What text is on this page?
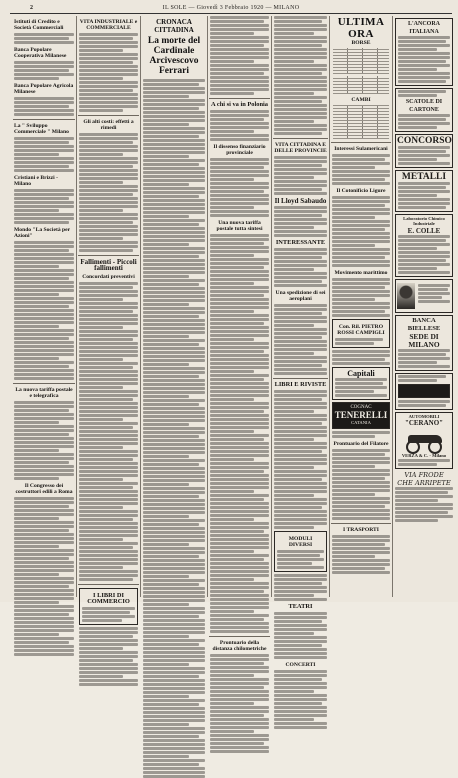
2	IL SOLE — Giovedì 3 Febbraio 1920 — MILANO
Istituti di Credito e Società Commerciali
Banca Popolare Cooperativa Milanese
Banca Popolare Agricola Milanese
La " Sviluppo Commerciale " Milano
Cristiani e Brizzi - Milano
Mondo "La Società per Azioni"
La nuova tariffa postale e telegrafica
Il Congresso dei costruttori edili a Roma
VITA INDUSTRIALE e COMMERCIALE
Gli alti costi: effetti a rimedi
Fallimenti - Piccoli fallimenti
Concordati preventivi
I LIBRI DI COMMERCIO
CRONACA CITTADINA
La morte del Cardinale Arcivescovo Ferrari
A chi si va in Polonia
Il dissenso finanziario provinciale
Una nuova tariffa postale tutta sintesi
Prontuario della distanza chilometriche
VITA CITTADINA E DELLE PROVINCIE
Il Lloyd Sabaudo
INTERESSANTE
Una spedizione di sei aeroplani
LIBRI E RIVISTE
MODULI DIVERSI
TEATRI
CONCERTI
ULTIMA ORA
BORSE
CAMBI
Interessi Sulamericani
Il Cotonificio Ligure
Movimento marittimo
Con. Ril. PIETRO ROSSI CAMPIGLI
Capitali
COGNAC
TENERELLI
CATANIA
Prontuario del Filatore
I TRASPORTI
L'ANCORA ITALIANA
SCATOLE DI CARTONE
CONCORSO
METALLI
Laboratorio Chimico Industriale
E. COLLE
BANCA BIELLESE
SEDE DI MILANO
AUTOMOBILI
"CERANO"
VERZA & C. - Milano
VIA FRODE
CHE ARRIPETE
